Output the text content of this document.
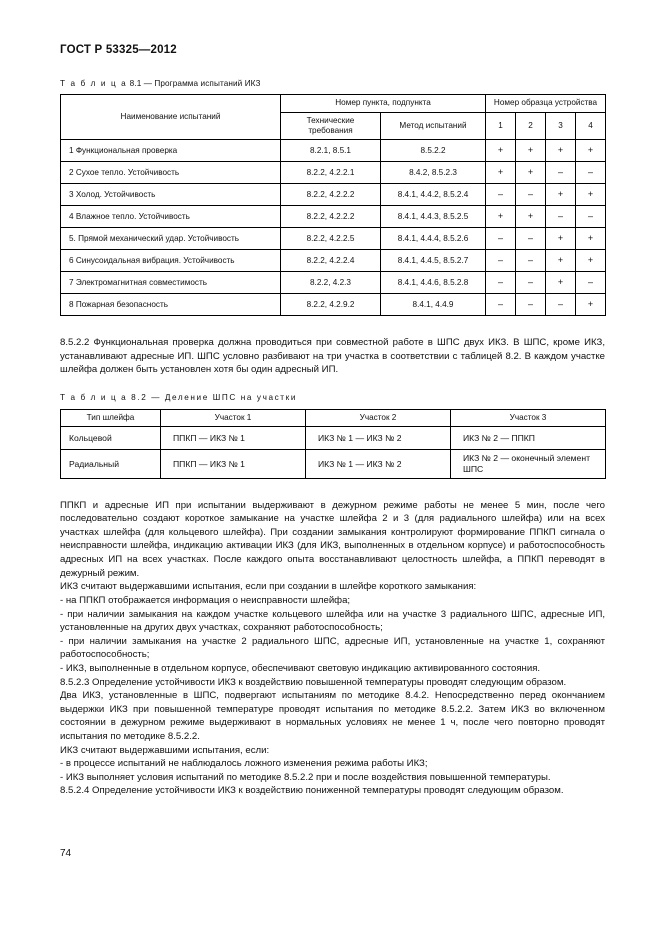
ГОСТ Р 53325—2012
Т а б л и ц а 8.1 — Программа испытаний ИКЗ
Наименование испытаний	Номер пункта, подпункта		Номер образца устройства			
	Технические требования	Метод испытаний	1	2	3	4
1 Функциональная проверка	8.2.1, 8.5.1	8.5.2.2	+	+	+	+
2 Сухое тепло. Устойчивость	8.2.2, 4.2.2.1	8.4.2, 8.5.2.3	+	+	–	–
3 Холод. Устойчивость	8.2.2, 4.2.2.2	8.4.1, 4.4.2, 8.5.2.4	–	–	+	+
4 Влажное тепло. Устойчивость	8.2.2, 4.2.2.2	8.4.1, 4.4.3, 8.5.2.5	+	+	–	–
5. Прямой механический удар. Устойчивость	8.2.2, 4.2.2.5	8.4.1, 4.4.4, 8.5.2.6	–	–	+	+
6 Синусоидальная вибрация. Устойчивость	8.2.2, 4.2.2.4	8.4.1, 4.4.5, 8.5.2.7	–	–	+	+
7 Электромагнитная совместимость	8.2.2, 4.2.3	8.4.1, 4.4.6, 8.5.2.8	–	–	+	–
8 Пожарная безопасность	8.2.2, 4.2.9.2	8.4.1, 4.4.9	–	–	–	+

8.5.2.2 Функциональная проверка должна проводиться при совместной работе в ШПС двух ИКЗ. В ШПС, кроме ИКЗ, устанавливают адресные ИП. ШПС условно разбивают на три участка в соответствии с таблицей 8.2. В каждом участке шлейфа должен быть установлен хотя бы один адресный ИП.

Т а б л и ц а 8.2 — Деление ШПС на участки
Тип шлейфа	Участок 1	Участок 2	Участок 3
Кольцевой	ППКП — ИКЗ № 1	ИКЗ № 1 — ИКЗ № 2	ИКЗ № 2 — ППКП
Радиальный	ППКП — ИКЗ № 1	ИКЗ № 1 — ИКЗ № 2	ИКЗ № 2 — оконечный элемент ШПС

ППКП и адресные ИП при испытании выдерживают в дежурном режиме работы не менее 5 мин, после чего последовательно создают короткое замыкание на участке шлейфа 2 и 3 (для радиального шлейфа) или на всех участках шлейфа (для кольцевого шлейфа). При создании замыкания контролируют формирование ППКП сигнала о неисправности шлейфа, индикацию активации ИКЗ (для ИКЗ, выполненных в отдельном корпусе) и работоспособность адресных ИП на всех участках. После каждого опыта восстанавливают целостность шлейфа, а ППКП переводят в дежурный режим.

ИКЗ считают выдержавшими испытания, если при создании в шлейфе короткого замыкания:

- на ППКП отображается информация о неисправности шлейфа;

- при наличии замыкания на каждом участке кольцевого шлейфа или на участке 3 радиального ШПС, адресные ИП, установленные на других двух участках, сохраняют работоспособность;

- при наличии замыкания на участке 2 радиального ШПС, адресные ИП, установленные на участке 1, сохраняют работоспособность;

- ИКЗ, выполненные в отдельном корпусе, обеспечивают световую индикацию активированного состояния.

8.5.2.3 Определение устойчивости ИКЗ к воздействию повышенной температуры проводят следующим образом.

Два ИКЗ, установленные в ШПС, подвергают испытаниям по методике 8.4.2. Непосредственно перед окончанием выдержки ИКЗ при повышенной температуре проводят испытания по методике 8.5.2.2. Затем ИКЗ во включенном состоянии в дежурном режиме выдерживают в нормальных условиях не менее 1 ч, после чего повторно проводят испытания по методике 8.5.2.2.

ИКЗ считают выдержавшими испытания, если:

- в процессе испытаний не наблюдалось ложного изменения режима работы ИКЗ;

- ИКЗ выполняет условия испытаний по методике 8.5.2.2 при и после воздействия повышенной температуры.

8.5.2.4 Определение устойчивости ИКЗ к воздействию пониженной температуры проводят следующим образом.

74
